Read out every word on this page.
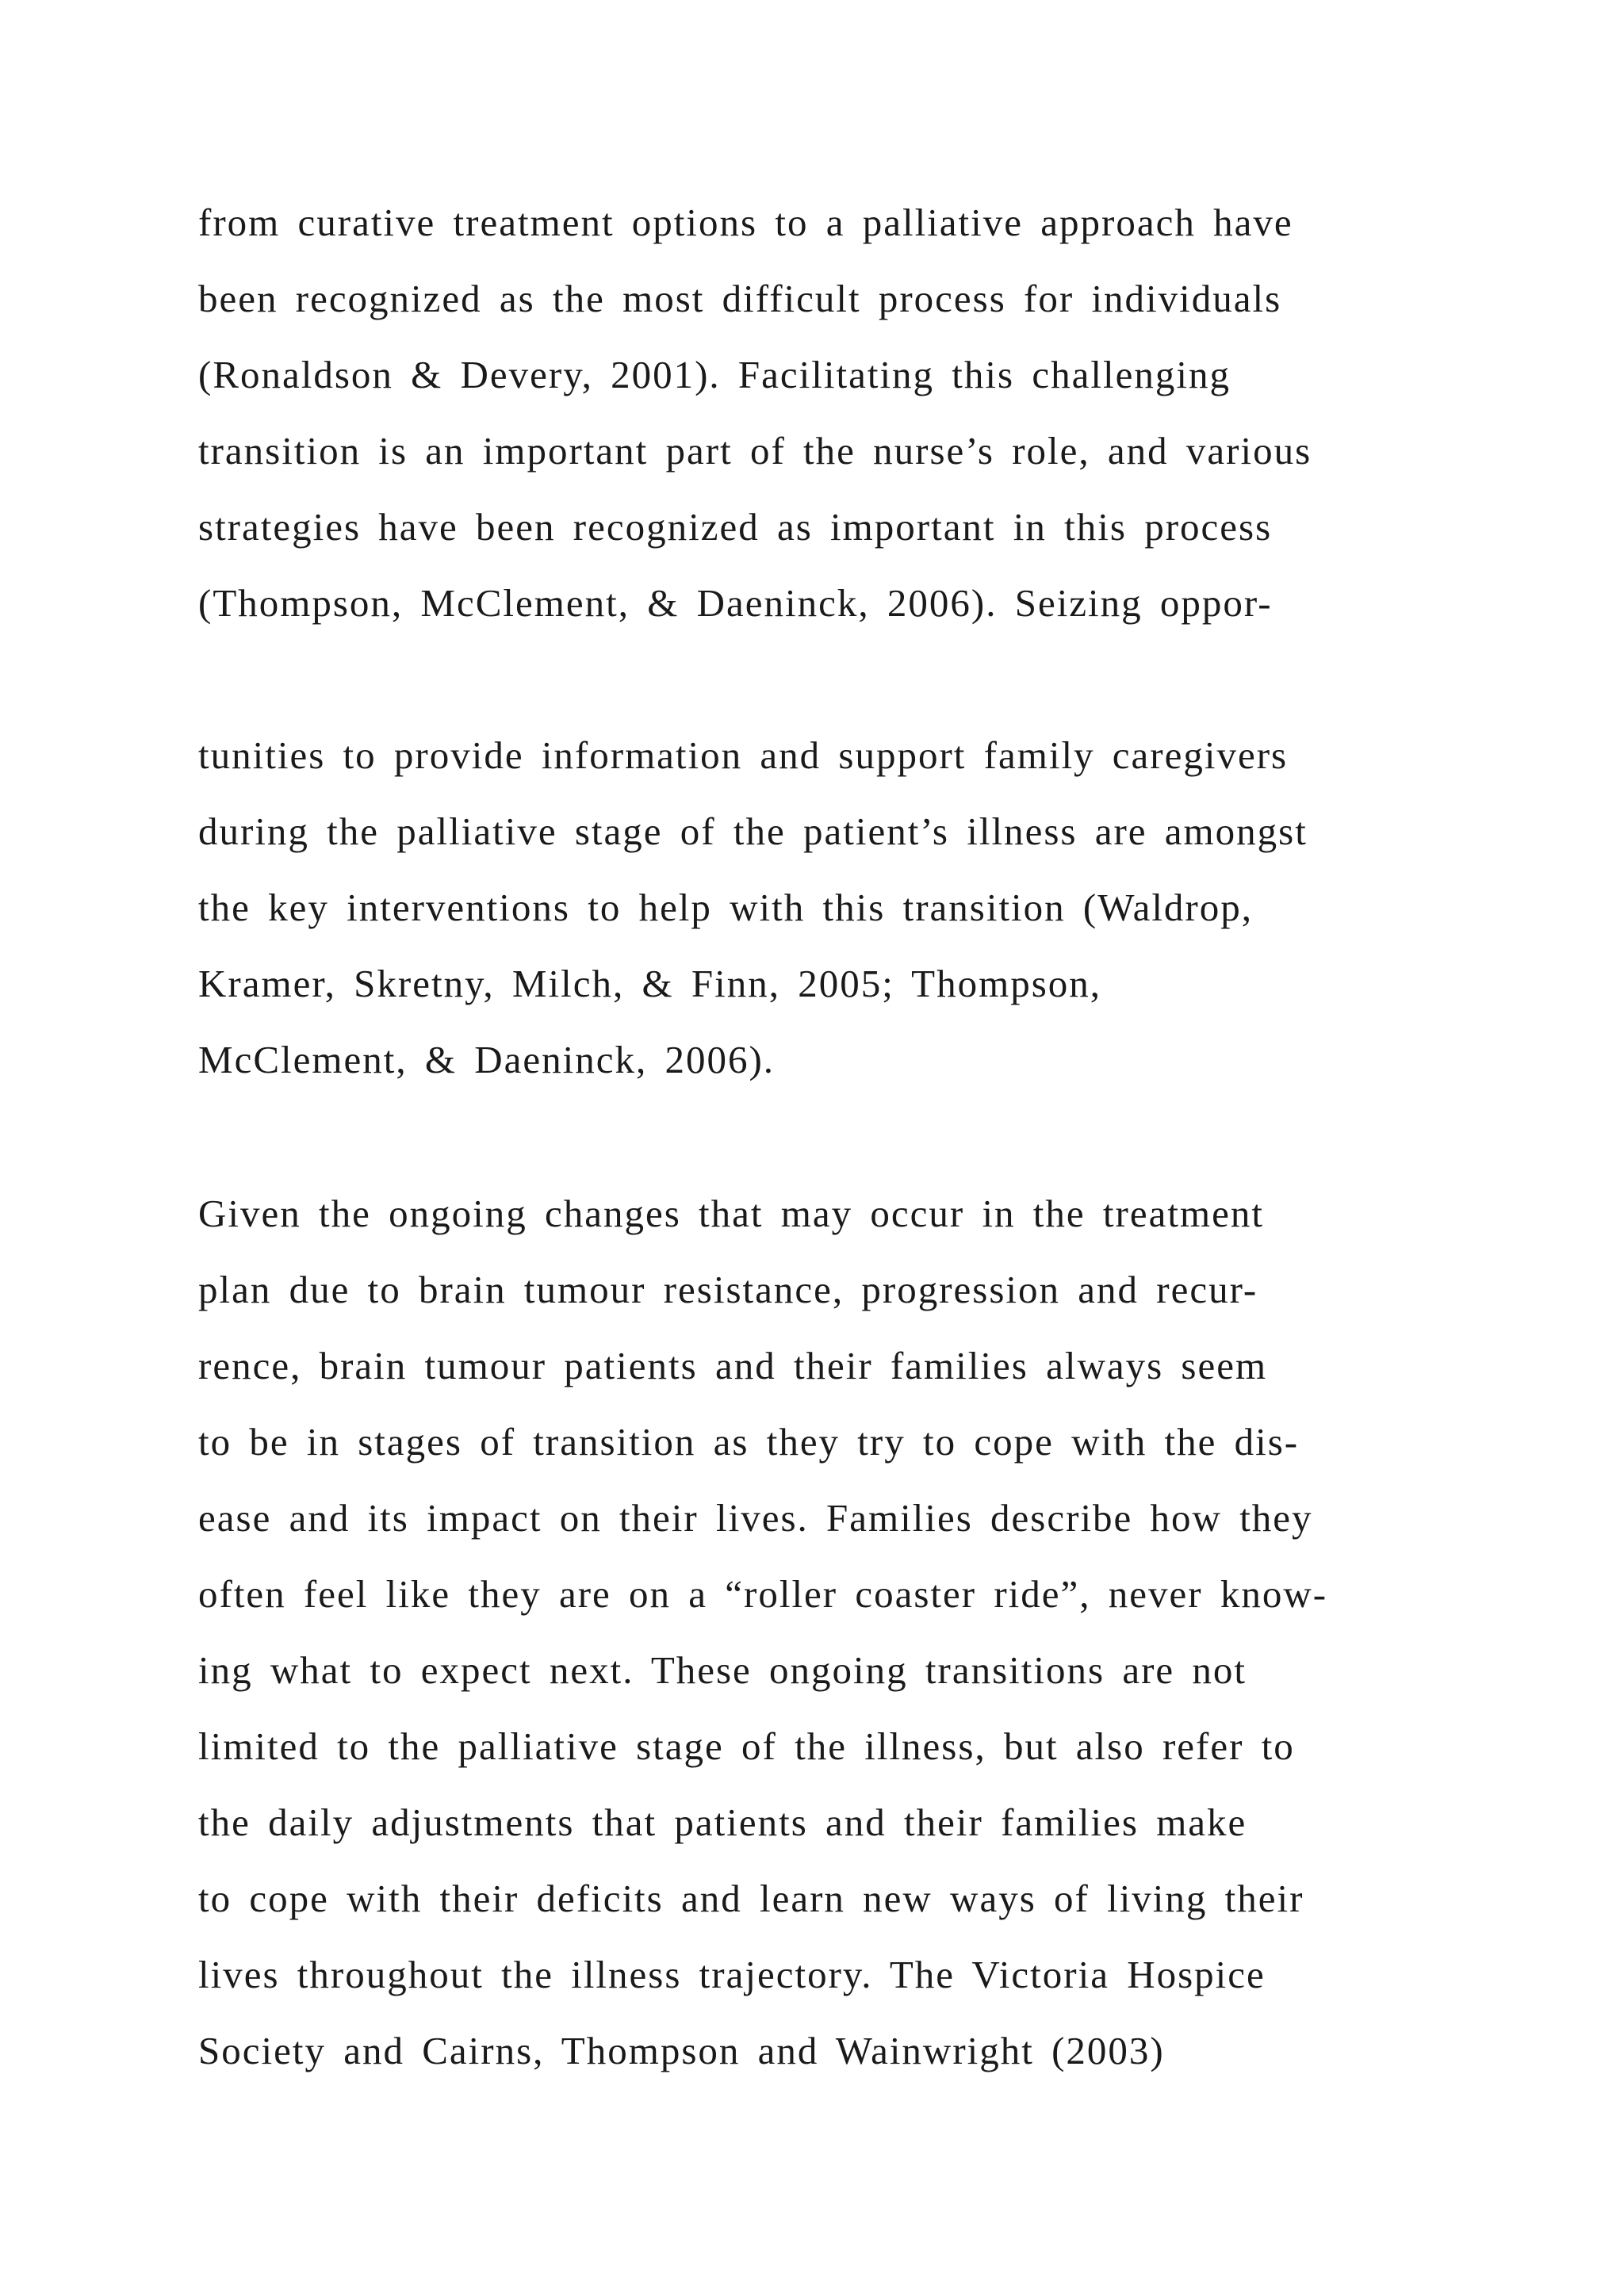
from curative treatment options to a palliative approach have
been recognized as the most difficult process for individuals
(Ronaldson & Devery, 2001). Facilitating this challenging
transition is an important part of the nurse’s role, and various
strategies have been recognized as important in this process
(Thompson, McClement, & Daeninck, 2006). Seizing oppor-
tunities to provide information and support family caregivers
during the palliative stage of the patient’s illness are amongst
the key interventions to help with this transition (Waldrop,
Kramer, Skretny, Milch, & Finn, 2005; Thompson,
McClement, & Daeninck, 2006).
Given the ongoing changes that may occur in the treatment
plan due to brain tumour resistance, progression and recur-
rence, brain tumour patients and their families always seem
to be in stages of transition as they try to cope with the dis-
ease and its impact on their lives. Families describe how they
often feel like they are on a “roller coaster ride”, never know-
ing what to expect next. These ongoing transitions are not
limited to the palliative stage of the illness, but also refer to
the daily adjustments that patients and their families make
to cope with their deficits and learn new ways of living their
lives throughout the illness trajectory. The Victoria Hospice
Society and Cairns, Thompson and Wainwright (2003)
